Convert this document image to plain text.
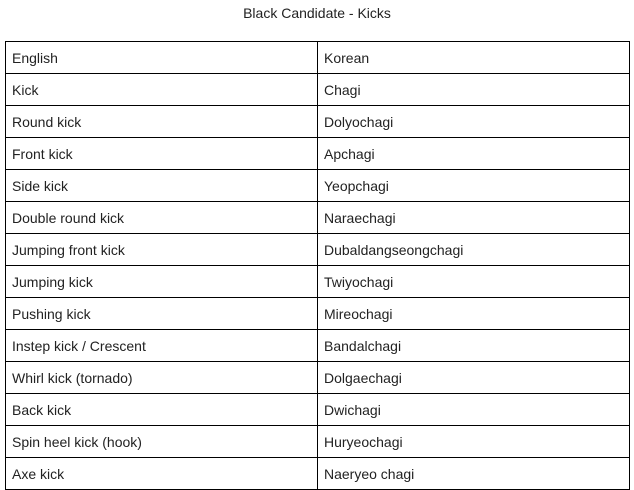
Black Candidate - Kicks
English	Korean
Kick	Chagi
Round kick	Dolyochagi
Front kick	Apchagi
Side kick	Yeopchagi
Double round kick	Naraechagi
Jumping front kick	Dubaldangseongchagi
Jumping kick	Twiyochagi
Pushing kick	Mireochagi
Instep kick / Crescent	Bandalchagi
Whirl kick (tornado)	Dolgaechagi
Back kick	Dwichagi
Spin heel kick (hook)	Huryeochagi
Axe kick	Naeryeo chagi
